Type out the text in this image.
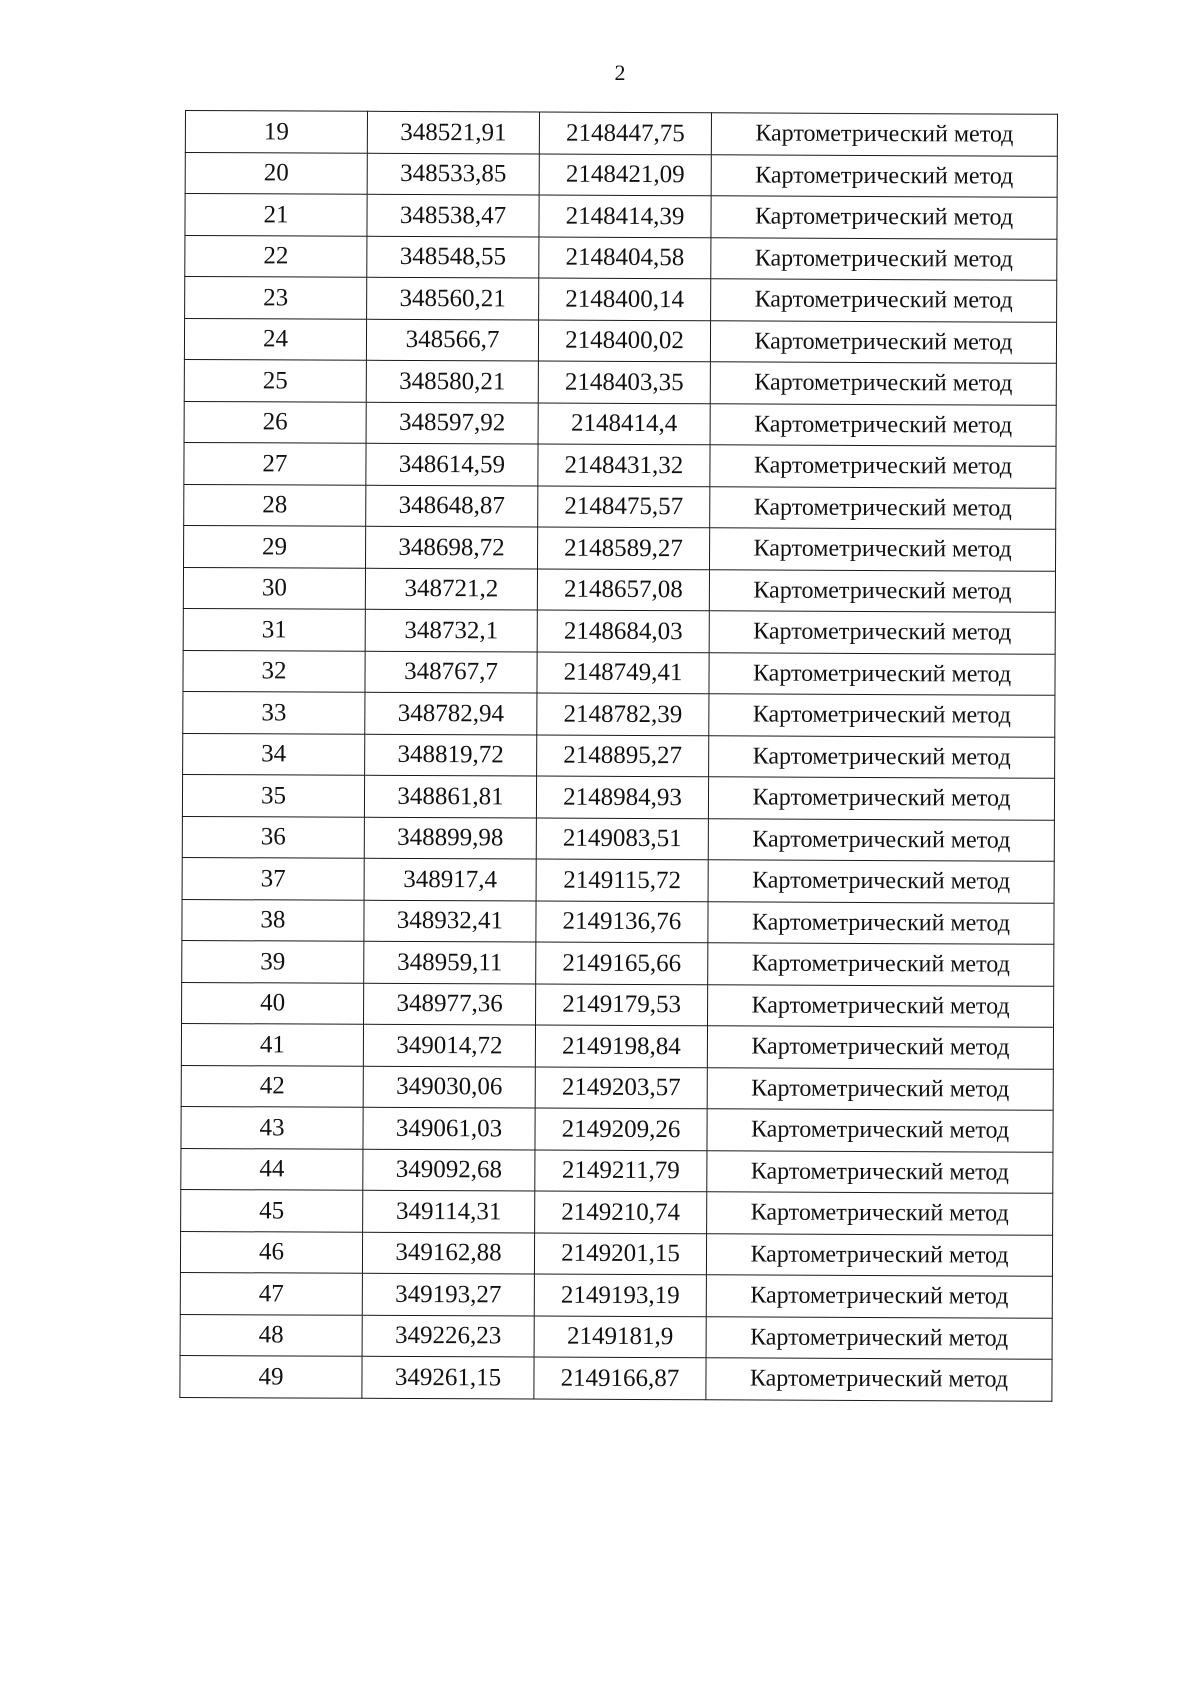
2
19	348521,91	2148447,75	Картометрический метод
20	348533,85	2148421,09	Картометрический метод
21	348538,47	2148414,39	Картометрический метод
22	348548,55	2148404,58	Картометрический метод
23	348560,21	2148400,14	Картометрический метод
24	348566,7	2148400,02	Картометрический метод
25	348580,21	2148403,35	Картометрический метод
26	348597,92	2148414,4	Картометрический метод
27	348614,59	2148431,32	Картометрический метод
28	348648,87	2148475,57	Картометрический метод
29	348698,72	2148589,27	Картометрический метод
30	348721,2	2148657,08	Картометрический метод
31	348732,1	2148684,03	Картометрический метод
32	348767,7	2148749,41	Картометрический метод
33	348782,94	2148782,39	Картометрический метод
34	348819,72	2148895,27	Картометрический метод
35	348861,81	2148984,93	Картометрический метод
36	348899,98	2149083,51	Картометрический метод
37	348917,4	2149115,72	Картометрический метод
38	348932,41	2149136,76	Картометрический метод
39	348959,11	2149165,66	Картометрический метод
40	348977,36	2149179,53	Картометрический метод
41	349014,72	2149198,84	Картометрический метод
42	349030,06	2149203,57	Картометрический метод
43	349061,03	2149209,26	Картометрический метод
44	349092,68	2149211,79	Картометрический метод
45	349114,31	2149210,74	Картометрический метод
46	349162,88	2149201,15	Картометрический метод
47	349193,27	2149193,19	Картометрический метод
48	349226,23	2149181,9	Картометрический метод
49	349261,15	2149166,87	Картометрический метод
